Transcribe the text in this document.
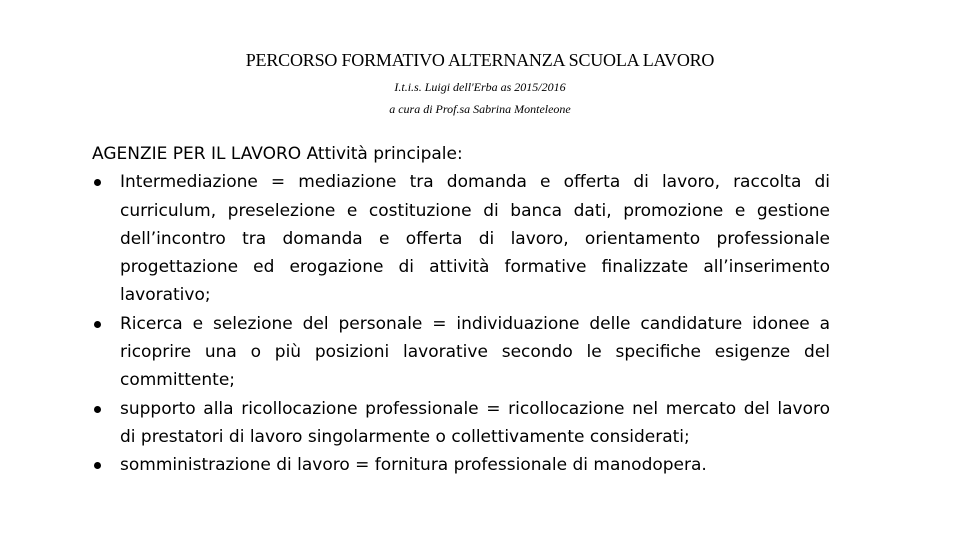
PERCORSO FORMATIVO ALTERNANZA SCUOLA LAVORO

I.t.i.s. Luigi dell'Erba as 2015/2016

a cura di Prof.sa Sabrina Monteleone

AGENZIE PER IL LAVORO Attività principale:

Intermediazione = mediazione tra domanda e offerta di lavoro, raccolta di curriculum, preselezione e costituzione di banca dati, promozione e gestione dell’incontro tra domanda e offerta di lavoro, orientamento professionale progettazione ed erogazione di attività formative finalizzate all’inserimento lavorativo;
Ricerca e selezione del personale = individuazione delle candidature idonee a ricoprire una o più posizioni lavorative secondo le specifiche esigenze del committente;
supporto alla ricollocazione professionale = ricollocazione nel mercato del lavoro di prestatori di lavoro singolarmente o collettivamente considerati;
somministrazione di lavoro = fornitura professionale di manodopera.
